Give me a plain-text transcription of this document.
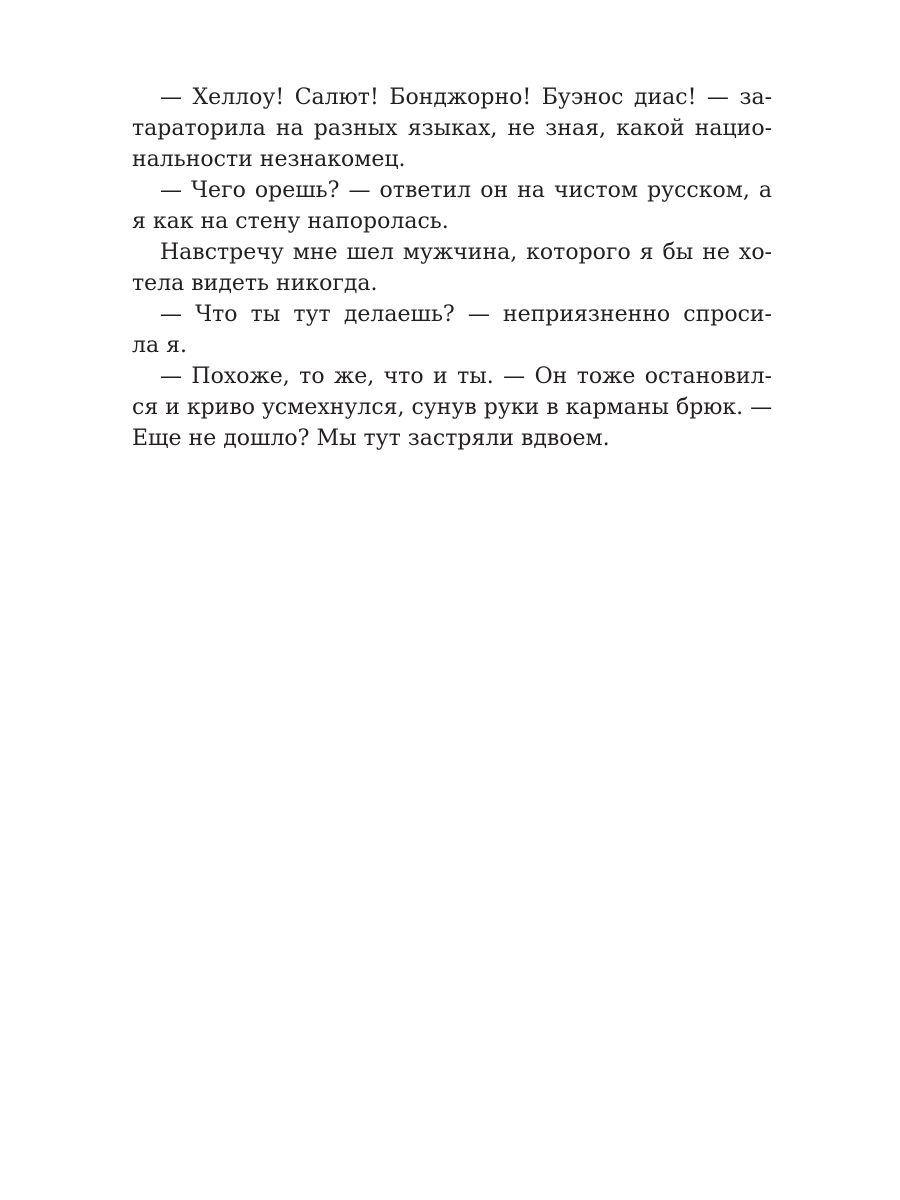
— Хеллоу! Салют! Бонджорно! Буэнос диас! — за-
тараторила на разных языках, не зная, какой нацио-
нальности незнакомец.
— Чего орешь? — ответил он на чистом русском, а
я как на стену напоролась.
Навстречу мне шел мужчина, которого я бы не хо-
тела видеть никогда.
— Что ты тут делаешь? — неприязненно спроси-
ла я.
— Похоже, то же, что и ты. — Он тоже остановил-
ся и криво усмехнулся, сунув руки в карманы брюк. —
Еще не дошло? Мы тут застряли вдвоем.
